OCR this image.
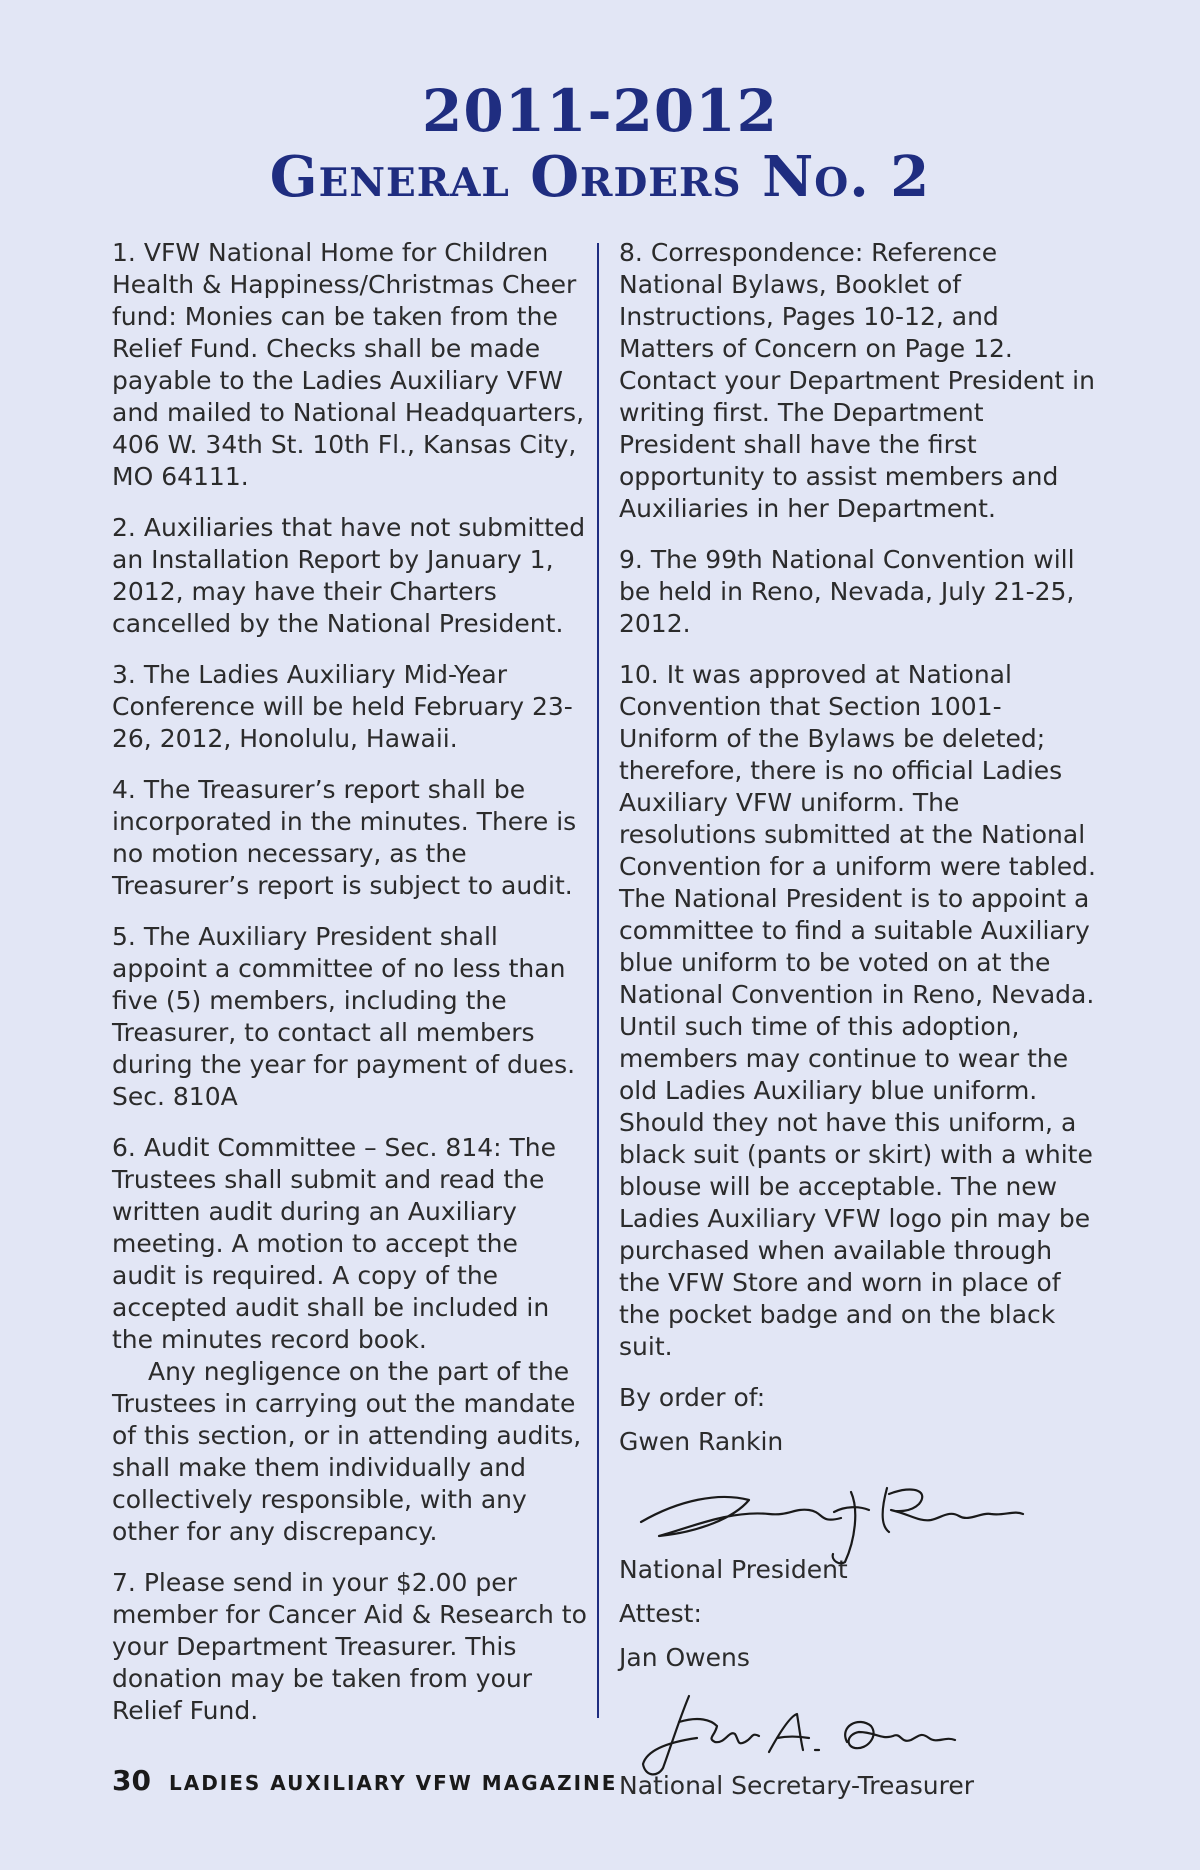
2011-2012
General Orders No. 2

1. VFW National Home for Children Health & Happiness/Christmas Cheer fund: Monies can be taken from the Relief Fund. Checks shall be made payable to the Ladies Auxiliary VFW and mailed to National Headquarters, 406 W. 34th St. 10th Fl., Kansas City, MO 64111.

2. Auxiliaries that have not submitted an Installation Report by January 1, 2012, may have their Charters cancelled by the National President.

3. The Ladies Auxiliary Mid-Year Conference will be held February 23-26, 2012, Honolulu, Hawaii.

4. The Treasurer’s report shall be incorporated in the minutes. There is no motion necessary, as the Treasurer’s report is subject to audit.

5. The Auxiliary President shall appoint a committee of no less than five (5) members, including the Treasurer, to contact all members during the year for payment of dues. Sec. 810A

6. Audit Committee – Sec. 814: The Trustees shall submit and read the written audit during an Auxiliary meeting. A motion to accept the audit is required. A copy of the accepted audit shall be included in the minutes record book.

Any negligence on the part of the Trustees in carrying out the mandate of this section, or in attending audits, shall make them individually and collectively responsible, with any other for any discrepancy.

7. Please send in your $2.00 per member for Cancer Aid & Research to your Department Treasurer. This donation may be taken from your Relief Fund.

8. Correspondence: Reference National Bylaws, Booklet of Instructions, Pages 10-12, and Matters of Concern on Page 12. Contact your Department President in writing first. The Department President shall have the first opportunity to assist members and Auxiliaries in her Department.

9. The 99th National Convention will be held in Reno, Nevada, July 21-25, 2012.

10. It was approved at National Convention that Section 1001-Uniform of the Bylaws be deleted; therefore, there is no official Ladies Auxiliary VFW uniform. The resolutions submitted at the National Convention for a uniform were tabled. The National President is to appoint a committee to find a suitable Auxiliary blue uniform to be voted on at the National Convention in Reno, Nevada. Until such time of this adoption, members may continue to wear the old Ladies Auxiliary blue uniform. Should they not have this uniform, a black suit (pants or skirt) with a white blouse will be acceptable. The new Ladies Auxiliary VFW logo pin may be purchased when available through the VFW Store and worn in place of the pocket badge and on the black suit.

By order of:

Gwen Rankin

National President

Attest:

Jan Owens

National Secretary-Treasurer

30 LADIES AUXILIARY VFW MAGAZINE
